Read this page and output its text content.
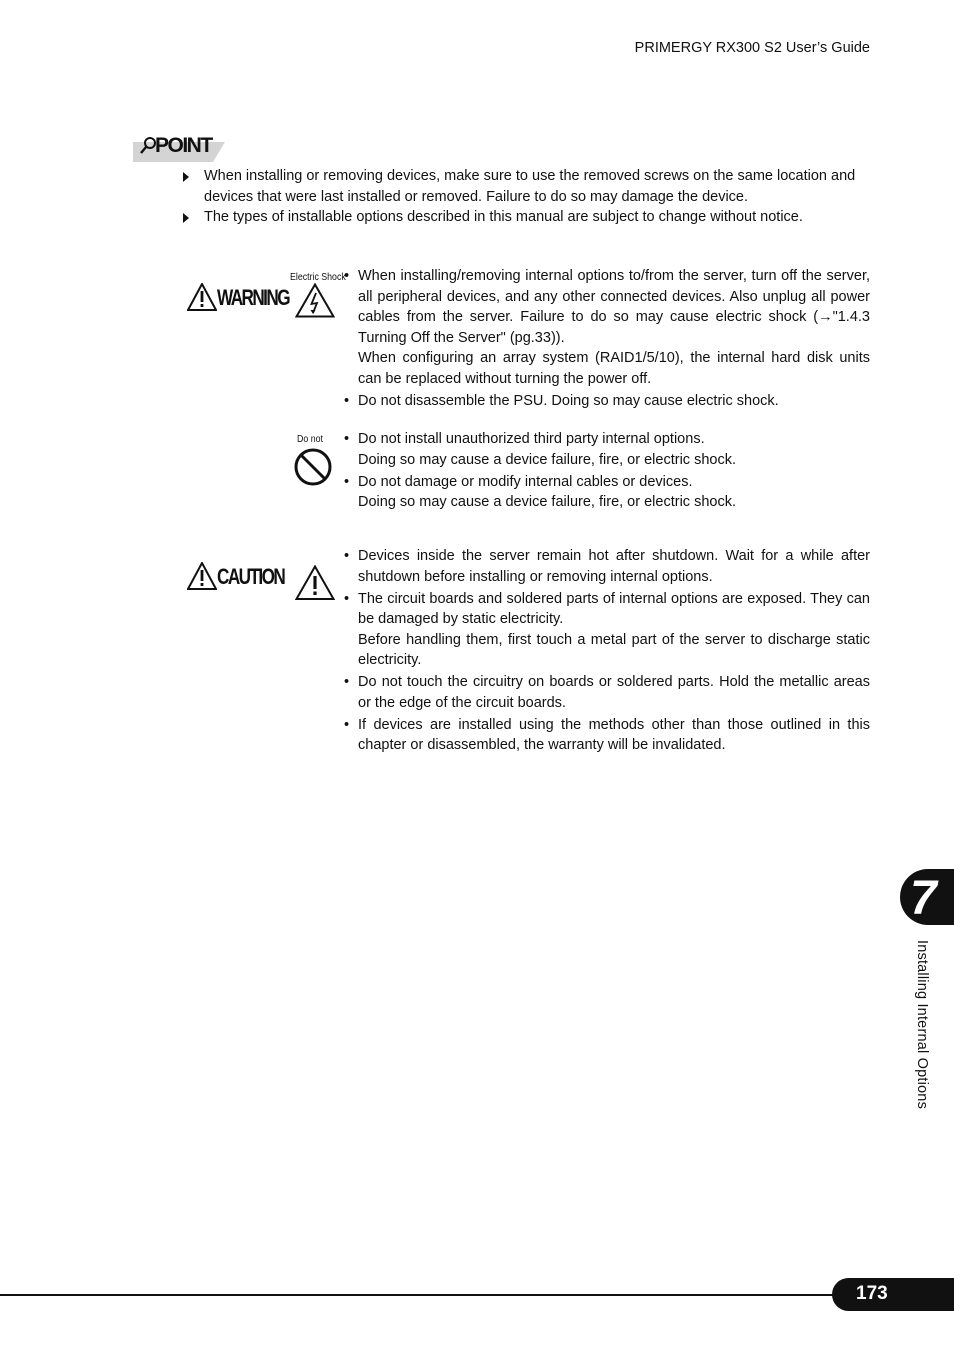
PRIMERGY RX300 S2 User’s Guide
POINT
When installing or removing devices, make sure to use the removed screws on the same location and devices that were last installed or removed. Failure to do so may damage the device.
The types of installable options described in this manual are subject to change without notice.
WARNING
Electric Shock
• When installing/removing internal options to/from the server, turn off the server, all peripheral devices, and any other connected devices. Also unplug all power cables from the server. Failure to do so may cause electric shock (→"1.4.3 Turning Off the Server" (pg.33)).
When configuring an array system (RAID1/5/10), the internal hard disk units can be replaced without turning the power off.
• Do not disassemble the PSU. Doing so may cause electric shock.
Do not • Do not install unauthorized third party internal options.
Doing so may cause a device failure, fire, or electric shock.
• Do not damage or modify internal cables or devices.
Doing so may cause a device failure, fire, or electric shock.
CAUTION
• Devices inside the server remain hot after shutdown. Wait for a while after shutdown before installing or removing internal options.
• The circuit boards and soldered parts of internal options are exposed. They can be damaged by static electricity.
Before handling them, first touch a metal part of the server to discharge static electricity.
• Do not touch the circuitry on boards or soldered parts. Hold the metallic areas or the edge of the circuit boards.
• If devices are installed using the methods other than those outlined in this chapter or disassembled, the warranty will be invalidated.
7
Installing Internal Options
173
